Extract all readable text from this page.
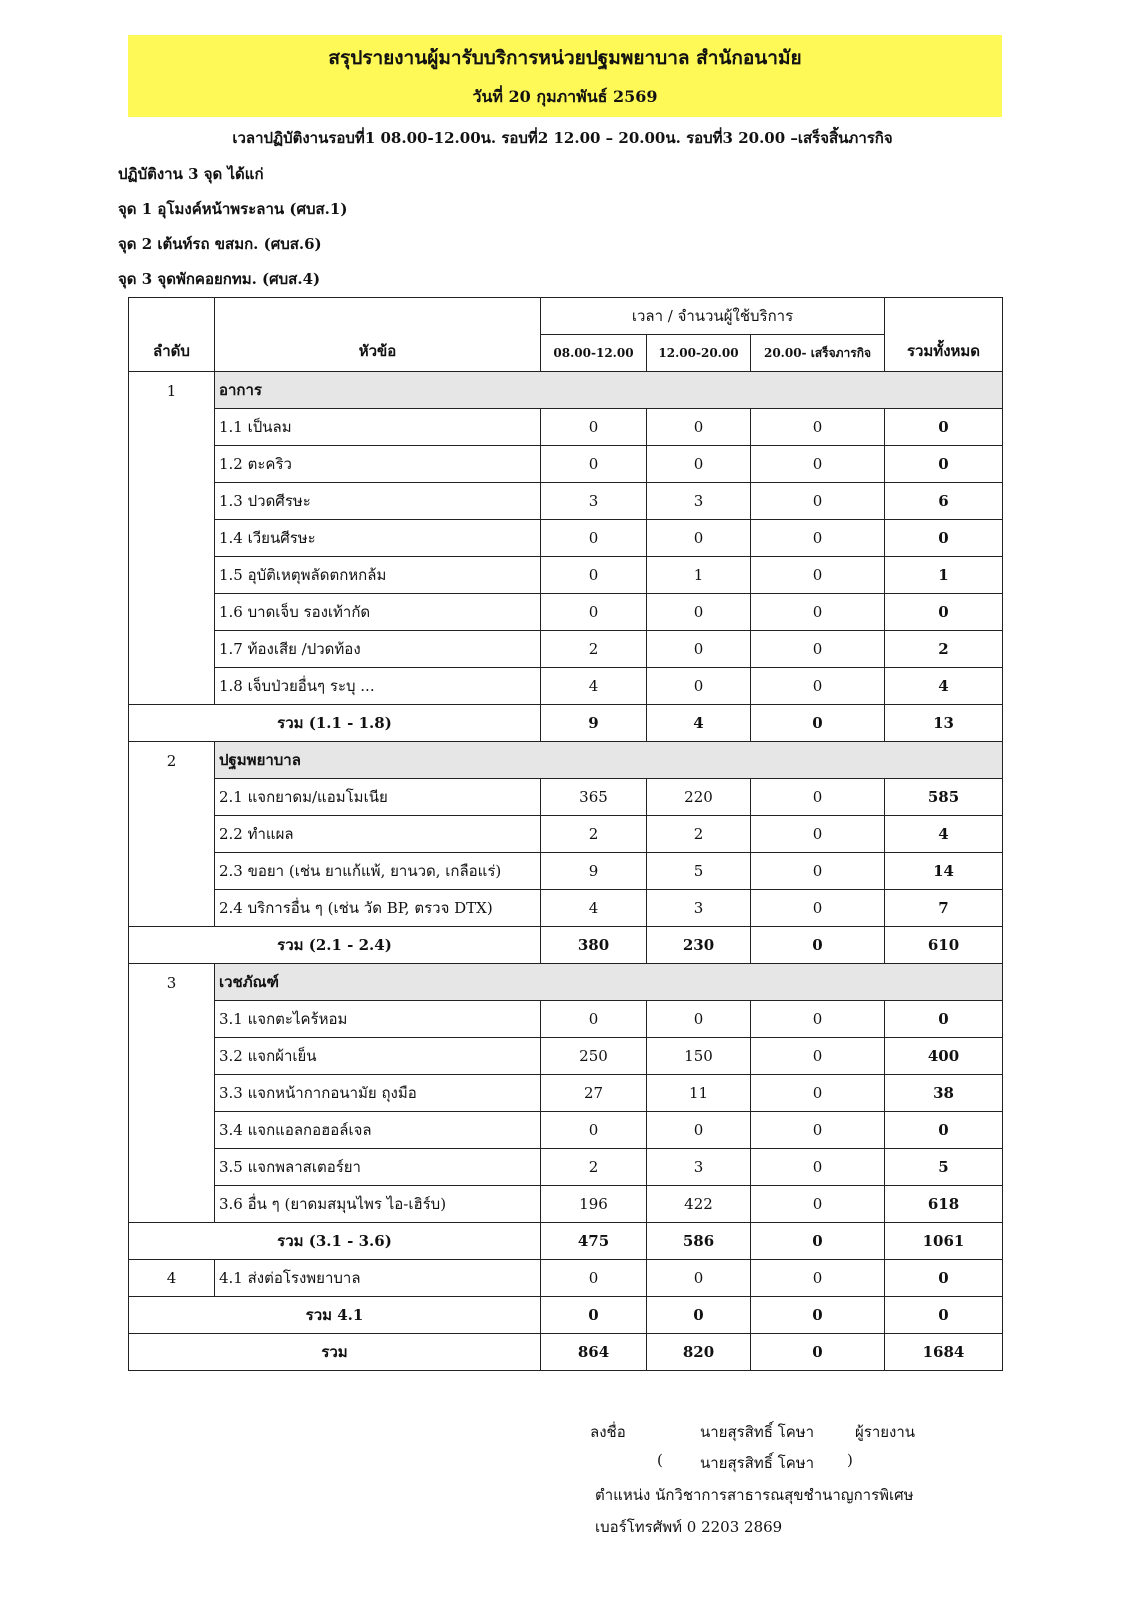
สรุปรายงานผู้มารับบริการหน่วยปฐมพยาบาล สำนักอนามัย
วันที่ 20 กุมภาพันธ์ 2569
เวลาปฏิบัติงานรอบที่1 08.00-12.00น. รอบที่2 12.00 – 20.00น. รอบที่3 20.00 –เสร็จสิ้นภารกิจ
ปฏิบัติงาน 3 จุด ได้แก่
จุด 1 อุโมงค์หน้าพระลาน (ศบส.1)
จุด 2 เต้นท์รถ ขสมก. (ศบส.6)
จุด 3 จุดพักคอยกทม. (ศบส.4)
ลำดับ	หัวข้อ	เวลา / จำนวนผู้ใช้บริการ			รวมทั้งหมด
		08.00-12.00	12.00-20.00	20.00- เสร็จภารกิจ	
1	อาการ				
	1.1 เป็นลม	0	0	0	0
	1.2 ตะคริว	0	0	0	0
	1.3 ปวดศีรษะ	3	3	0	6
	1.4 เวียนศีรษะ	0	0	0	0
	1.5 อุบัติเหตุพลัดตกหกล้ม	0	1	0	1
	1.6 บาดเจ็บ รองเท้ากัด	0	0	0	0
	1.7 ท้องเสีย /ปวดท้อง	2	0	0	2
	1.8 เจ็บป่วยอื่นๆ ระบุ ...	4	0	0	4
รวม (1.1 - 1.8)		9	4	0	13
2	ปฐมพยาบาล				
	2.1 แจกยาดม/แอมโมเนีย	365	220	0	585
	2.2 ทำแผล	2	2	0	4
	2.3 ขอยา (เช่น ยาแก้แพ้, ยานวด, เกลือแร่)	9	5	0	14
	2.4 บริการอื่น ๆ (เช่น วัด BP, ตรวจ DTX)	4	3	0	7
รวม (2.1 - 2.4)		380	230	0	610
3	เวชภัณฑ์				
	3.1 แจกตะไคร้หอม	0	0	0	0
	3.2 แจกผ้าเย็น	250	150	0	400
	3.3 แจกหน้ากากอนามัย ถุงมือ	27	11	0	38
	3.4 แจกแอลกอฮอล์เจล	0	0	0	0
	3.5 แจกพลาสเตอร์ยา	2	3	0	5
	3.6 อื่น ๆ (ยาดมสมุนไพร ไอ-เฮิร์บ)	196	422	0	618
รวม (3.1 - 3.6)		475	586	0	1061
4	4.1 ส่งต่อโรงพยาบาล	0	0	0	0
รวม 4.1		0	0	0	0
รวม		864	820	0	1684
ลงชื่อ	นายสุรสิทธิ์ โคษา	ผู้รายงาน
( นายสุรสิทธิ์ โคษา )
ตำแหน่ง นักวิชาการสาธารณสุขชำนาญการพิเศษ
เบอร์โทรศัพท์ 0 2203 2869
